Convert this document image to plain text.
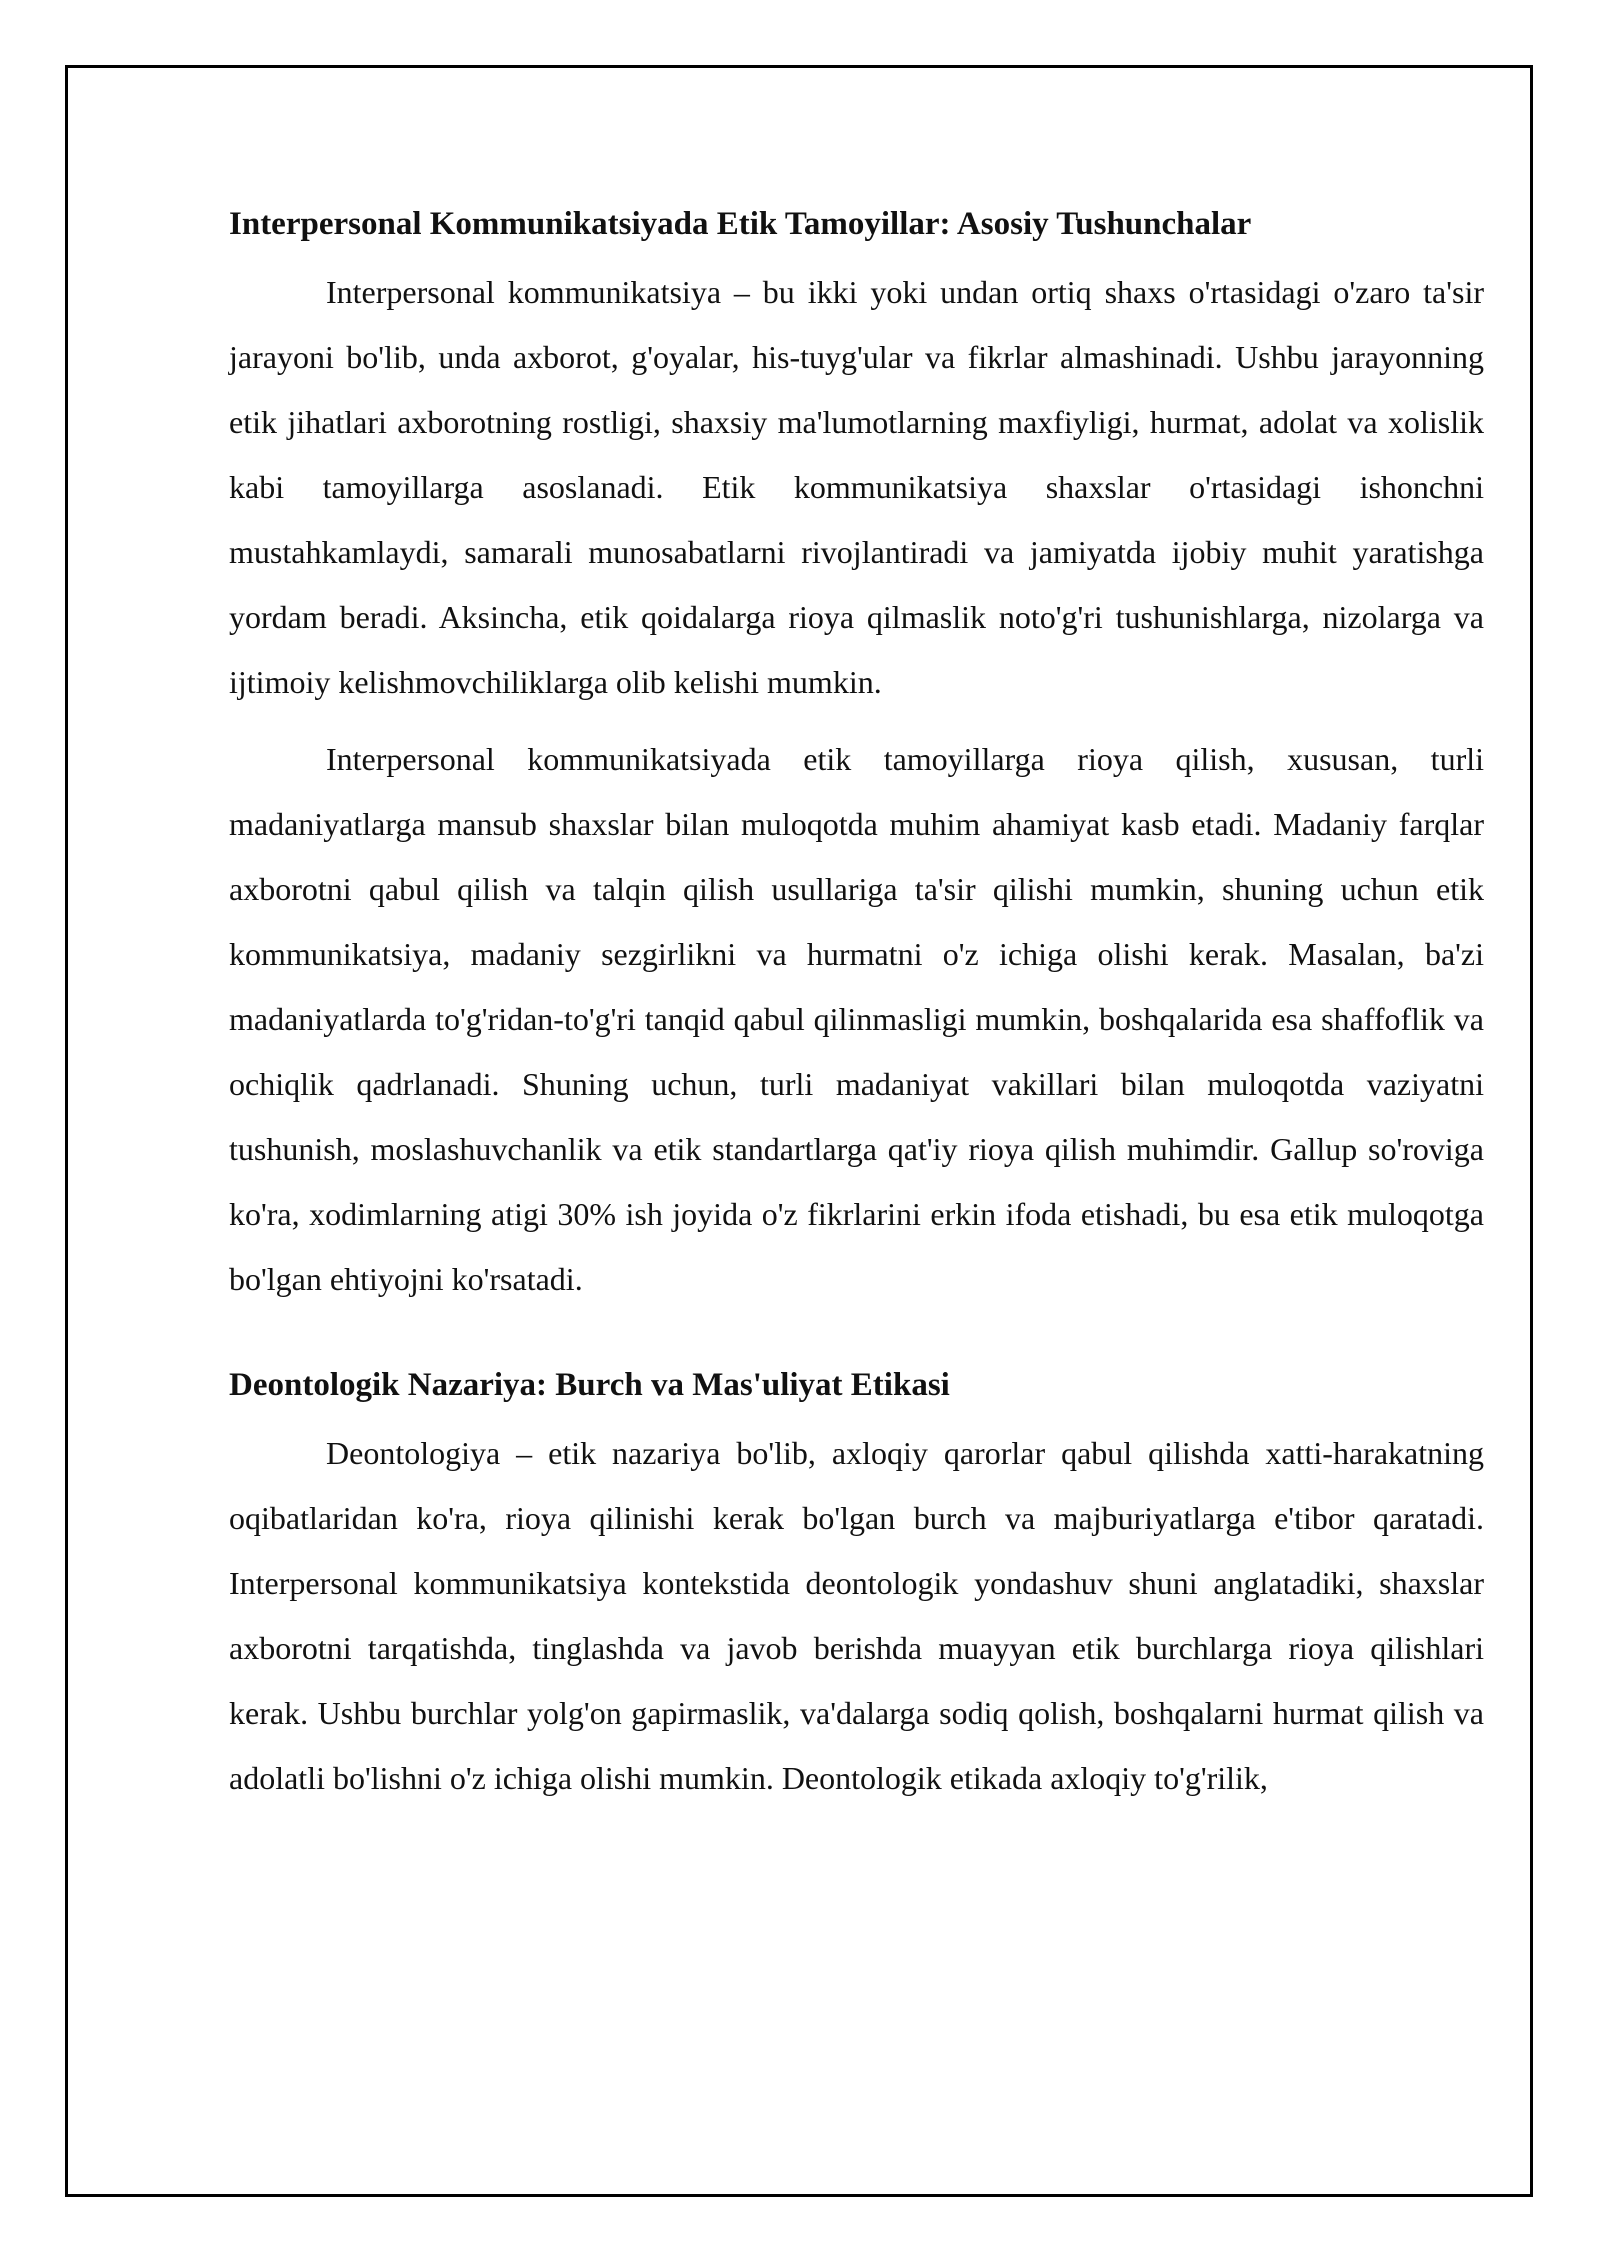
Interpersonal Kommunikatsiyada Etik Tamoyillar: Asosiy Tushunchalar

Interpersonal kommunikatsiya – bu ikki yoki undan ortiq shaxs o'rtasidagi o'zaro ta'sir jarayoni bo'lib, unda axborot, g'oyalar, his-tuyg'ular va fikrlar almashinadi. Ushbu jarayonning etik jihatlari axborotning rostligi, shaxsiy ma'lumotlarning maxfiyligi, hurmat, adolat va xolislik kabi tamoyillarga asoslanadi. Etik kommunikatsiya shaxslar o'rtasidagi ishonchni mustahkamlaydi, samarali munosabatlarni rivojlantiradi va jamiyatda ijobiy muhit yaratishga yordam beradi. Aksincha, etik qoidalarga rioya qilmaslik noto'g'ri tushunishlarga, nizolarga va ijtimoiy kelishmovchiliklarga olib kelishi mumkin.

Interpersonal kommunikatsiyada etik tamoyillarga rioya qilish, xususan, turli madaniyatlarga mansub shaxslar bilan muloqotda muhim ahamiyat kasb etadi. Madaniy farqlar axborotni qabul qilish va talqin qilish usullariga ta'sir qilishi mumkin, shuning uchun etik kommunikatsiya, madaniy sezgirlikni va hurmatni o'z ichiga olishi kerak. Masalan, ba'zi madaniyatlarda to'g'ridan-to'g'ri tanqid qabul qilinmasligi mumkin, boshqalarida esa shaffoflik va ochiqlik qadrlanadi. Shuning uchun, turli madaniyat vakillari bilan muloqotda vaziyatni tushunish, moslashuvchanlik va etik standartlarga qat'iy rioya qilish muhimdir. Gallup so'roviga ko'ra, xodimlarning atigi 30% ish joyida o'z fikrlarini erkin ifoda etishadi, bu esa etik muloqotga bo'lgan ehtiyojni ko'rsatadi.

Deontologik Nazariya: Burch va Mas'uliyat Etikasi

Deontologiya – etik nazariya bo'lib, axloqiy qarorlar qabul qilishda xatti-harakatning oqibatlaridan ko'ra, rioya qilinishi kerak bo'lgan burch va majburiyatlarga e'tibor qaratadi. Interpersonal kommunikatsiya kontekstida deontologik yondashuv shuni anglatadiki, shaxslar axborotni tarqatishda, tinglashda va javob berishda muayyan etik burchlarga rioya qilishlari kerak. Ushbu burchlar yolg'on gapirmaslik, va'dalarga sodiq qolish, boshqalarni hurmat qilish va adolatli bo'lishni o'z ichiga olishi mumkin. Deontologik etikada axloqiy to'g'rilik,
